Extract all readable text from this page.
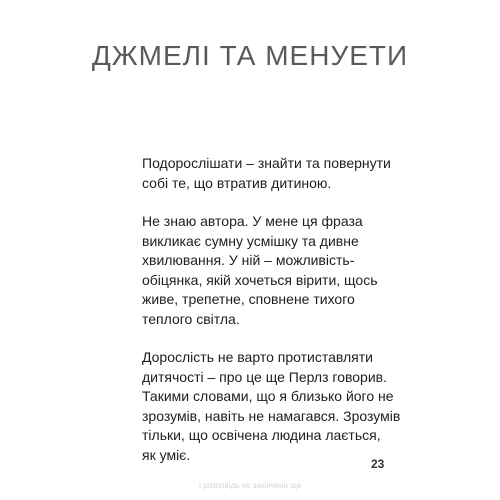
ДЖМЕЛІ ТА МЕНУЕТИ

Подорослішати – знайти та повернути
собі те, що втратив дитиною.

Не знаю автора. У мене ця фраза
викликає сумну усмішку та дивне
хвилювання. У ній – можливість-
обіцянка, якій хочеться вірити, щось
живе, трепетне, сповнене тихого
теплого світла.

Дорослість не варто протиставляти
дитячості – про це ще Перлз говорив.
Такими словами, що я близько його не
зрозумів, навіть не намагався. Зрозумів
тільки, що освічена людина лається,
як уміє.

23
І розповідь не закінчена ще
